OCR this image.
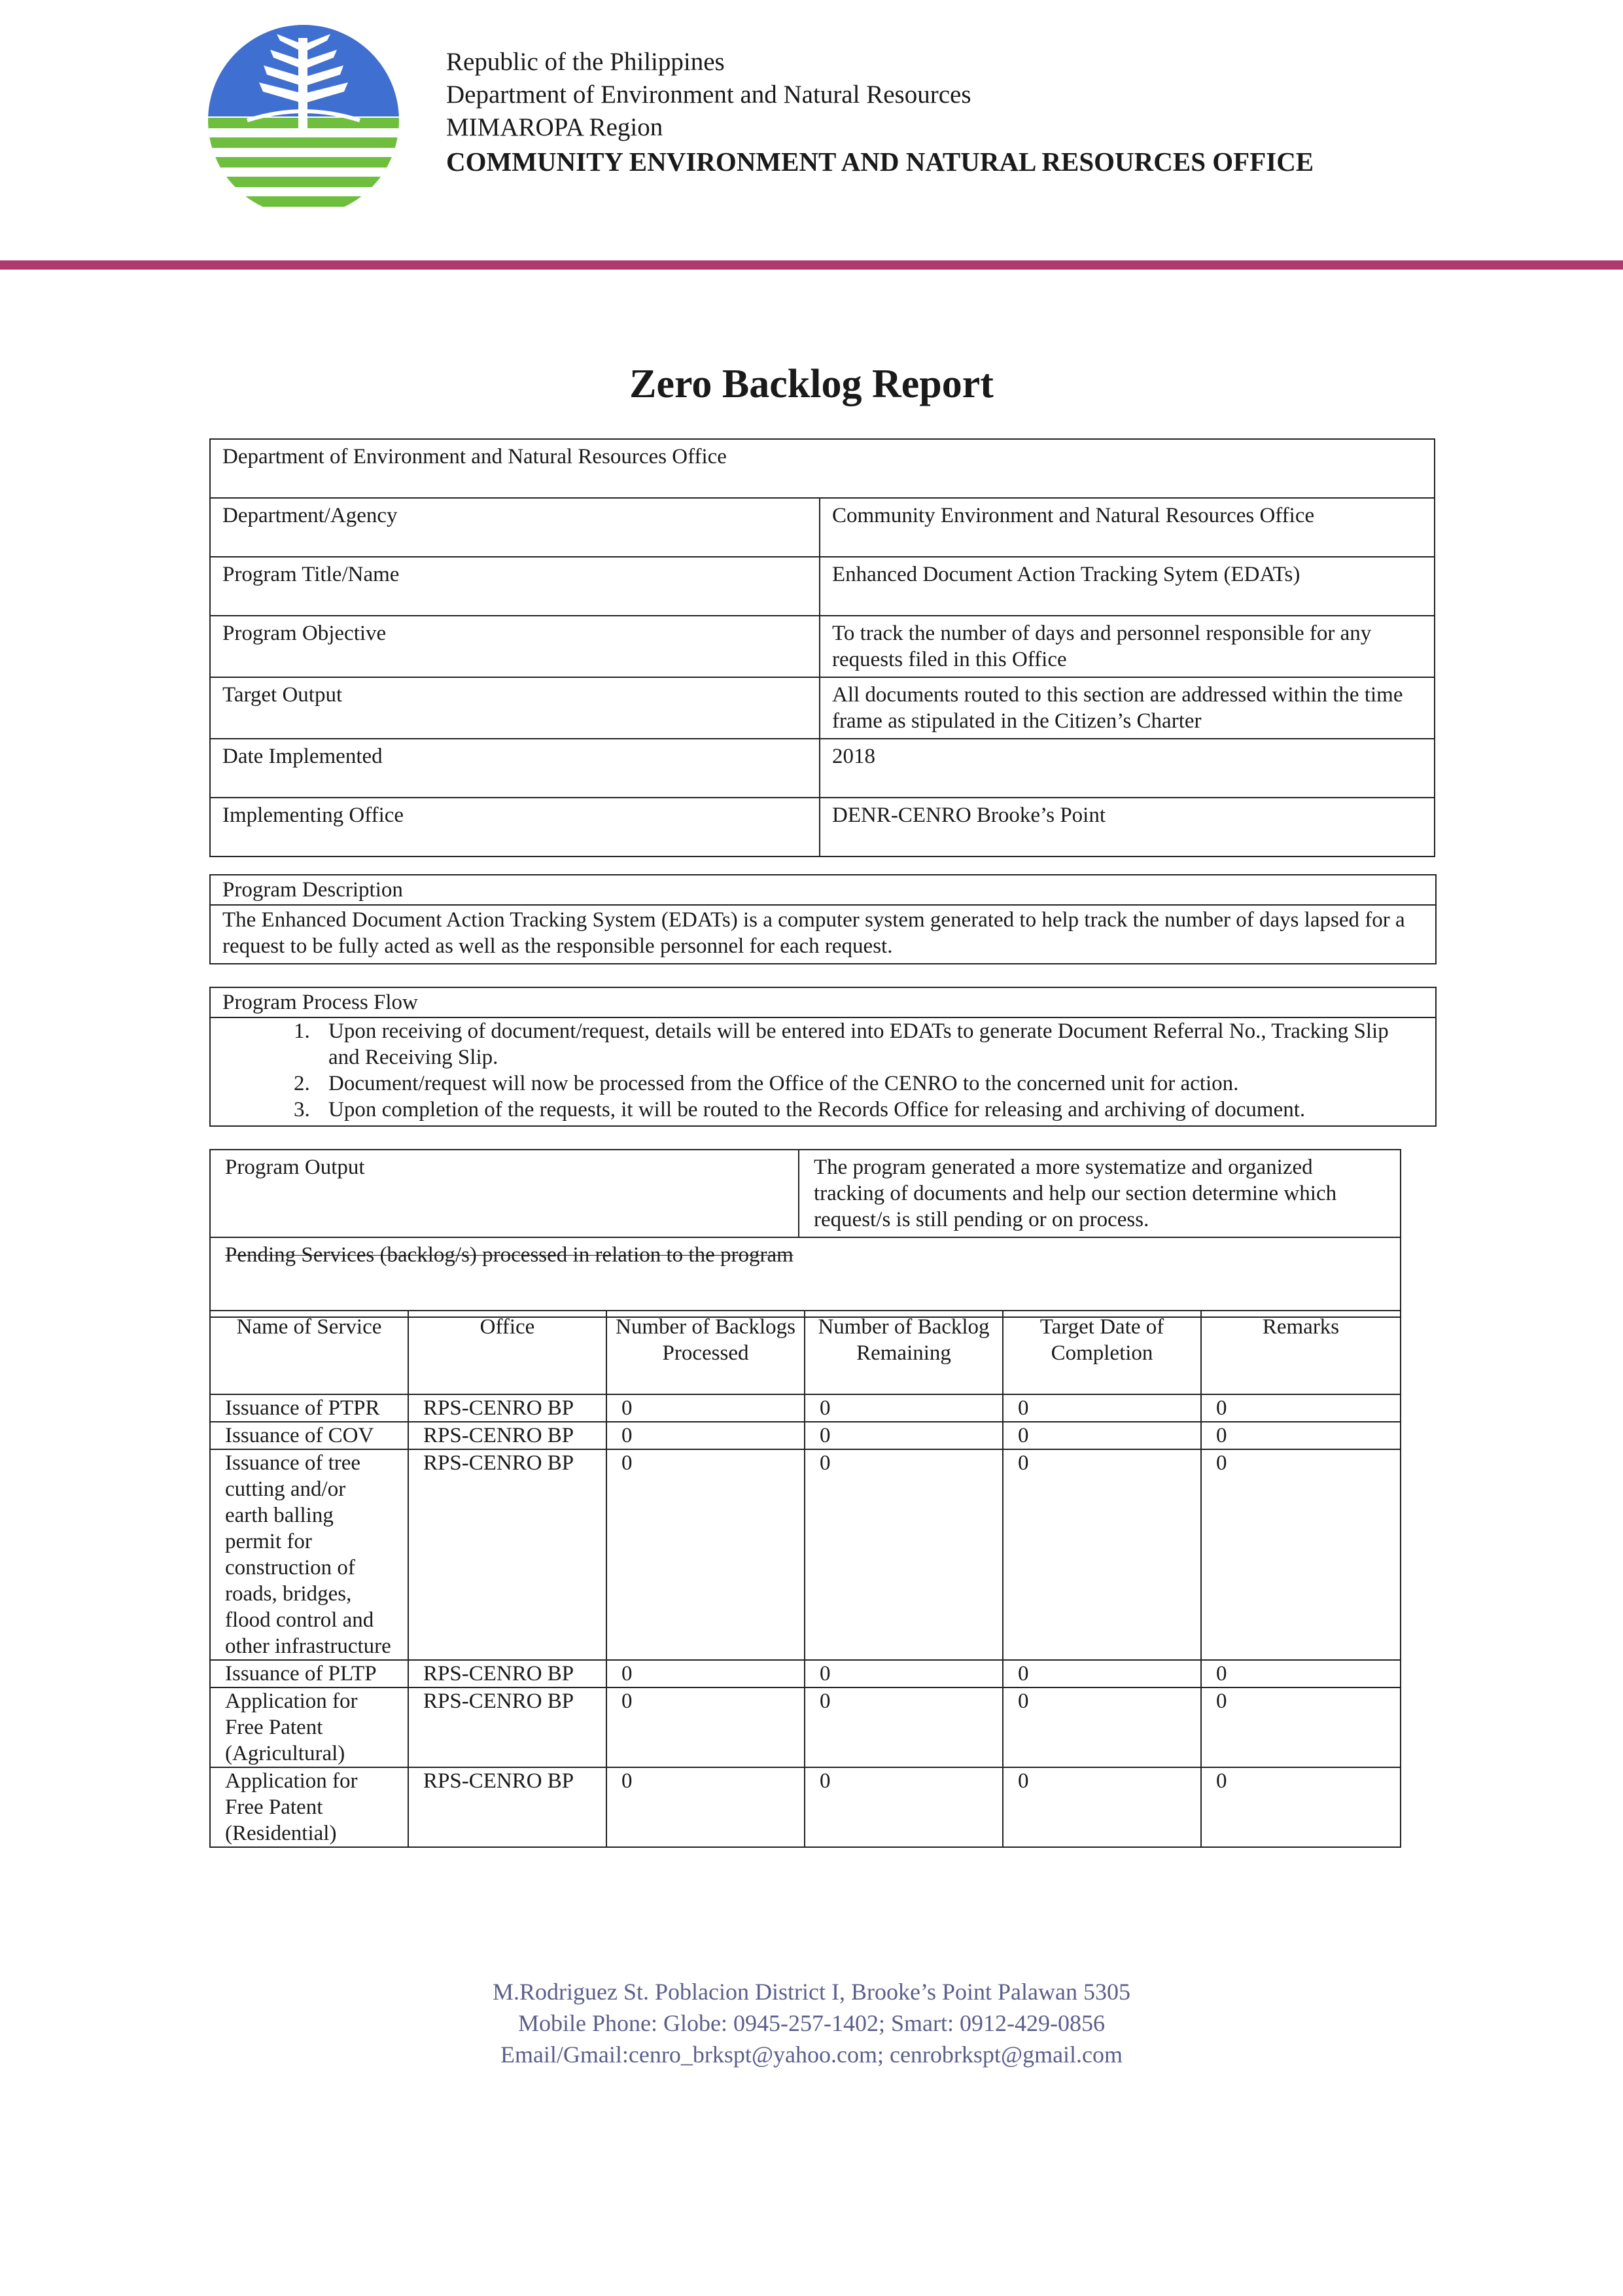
Republic of the Philippines
Department of Environment and Natural Resources
MIMAROPA Region
COMMUNITY ENVIRONMENT AND NATURAL RESOURCES OFFICE
Zero Backlog Report
Department of Environment and Natural Resources Office	
Department/Agency	Community Environment and Natural Resources Office
Program Title/Name	Enhanced Document Action Tracking Sytem (EDATs)
Program Objective	To track the number of days and personnel responsible for any requests filed in this Office
Target Output	All documents routed to this section are addressed within the time frame as stipulated in the Citizen’s Charter
Date Implemented	2018
Implementing Office	DENR-CENRO Brooke’s Point
Program Description
The Enhanced Document Action Tracking System (EDATs) is a computer system generated to help track the number of days lapsed for a request to be fully acted as well as the responsible personnel for each request.
Program Process Flow
1. Upon receiving of document/request, details will be entered into EDATs to generate Document Referral No., Tracking Slip and Receiving Slip.
2. Document/request will now be processed from the Office of the CENRO to the concerned unit for action.
3. Upon completion of the requests, it will be routed to the Records Office for releasing and archiving of document.
Program Output	The program generated a more systematize and organized tracking of documents and help our section determine which request/s is still pending or on process.
Pending Services (backlog/s) processed in relation to the program
Name of Service	Office	Number of Backlogs Processed	Number of Backlog Remaining	Target Date of Completion	Remarks
Issuance of PTPR	RPS-CENRO BP	0	0	0	0
Issuance of COV	RPS-CENRO BP	0	0	0	0
Issuance of tree cutting and/or earth balling permit for construction of roads, bridges, flood control and other infrastructure	RPS-CENRO BP	0	0	0	0
Issuance of PLTP	RPS-CENRO BP	0	0	0	0
Application for Free Patent (Agricultural)	RPS-CENRO BP	0	0	0	0
Application for Free Patent (Residential)	RPS-CENRO BP	0	0	0	0
M.Rodriguez St. Poblacion District I, Brooke’s Point Palawan 5305
Mobile Phone: Globe: 0945-257-1402; Smart: 0912-429-0856
Email/Gmail:cenro_brkspt@yahoo.com; cenrobrkspt@gmail.com
